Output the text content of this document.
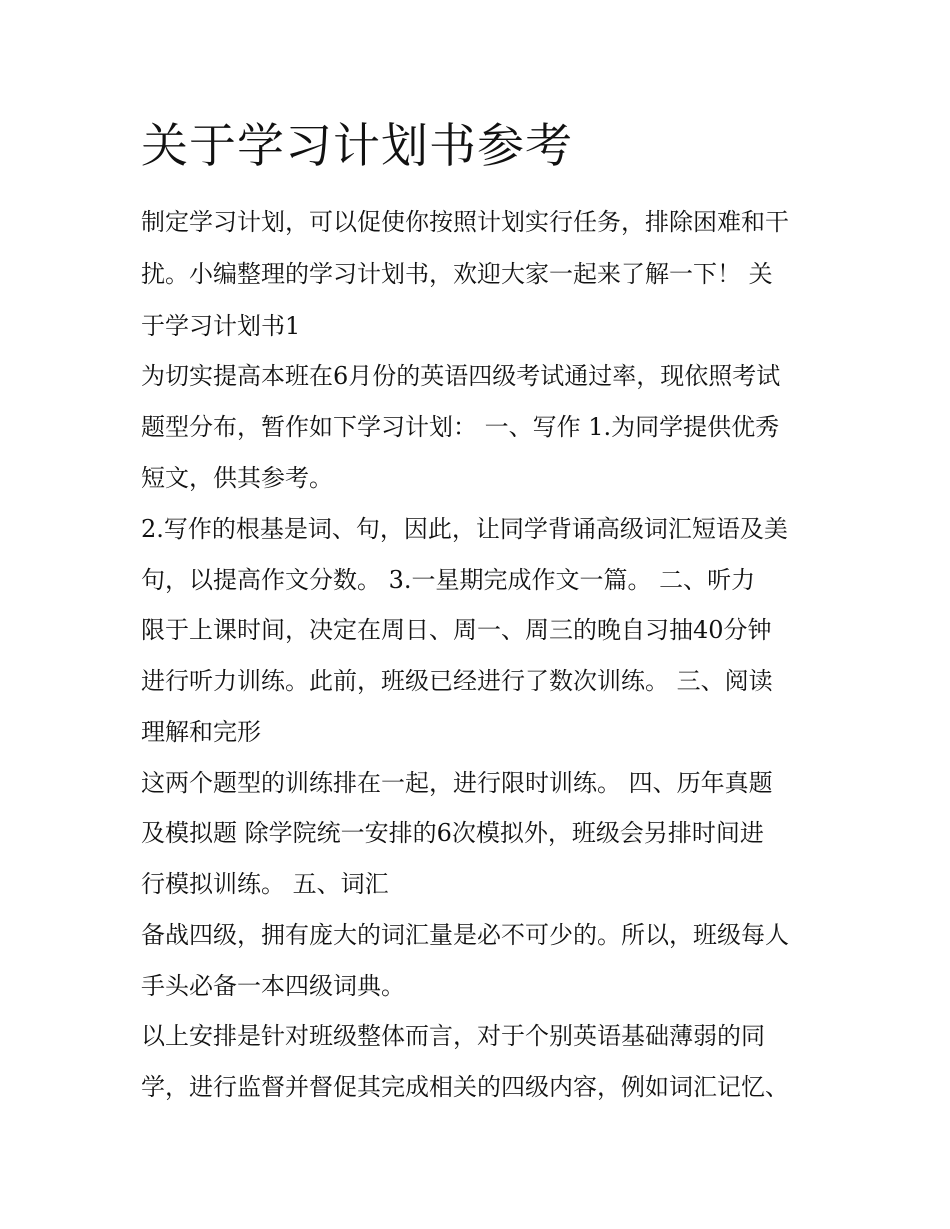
关于学习计划书参考

制定学习计划，可以促使你按照计划实行任务，排除困难和干

扰。小编整理的学习计划书，欢迎大家一起来了解一下！ 关

于学习计划书1

为切实提高本班在6月份的英语四级考试通过率，现依照考试

题型分布，暂作如下学习计划： 一、写作 1.为同学提供优秀

短文，供其参考。

2.写作的根基是词、句，因此，让同学背诵高级词汇短语及美

句，以提高作文分数。 3.一星期完成作文一篇。 二、听力

限于上课时间，决定在周日、周一、周三的晚自习抽40分钟

进行听力训练。此前，班级已经进行了数次训练。 三、阅读

理解和完形

这两个题型的训练排在一起，进行限时训练。 四、历年真题

及模拟题 除学院统一安排的6次模拟外，班级会另排时间进

行模拟训练。 五、词汇

备战四级，拥有庞大的词汇量是必不可少的。所以，班级每人

手头必备一本四级词典。

以上安排是针对班级整体而言，对于个别英语基础薄弱的同

学，进行监督并督促其完成相关的四级内容，例如词汇记忆、
